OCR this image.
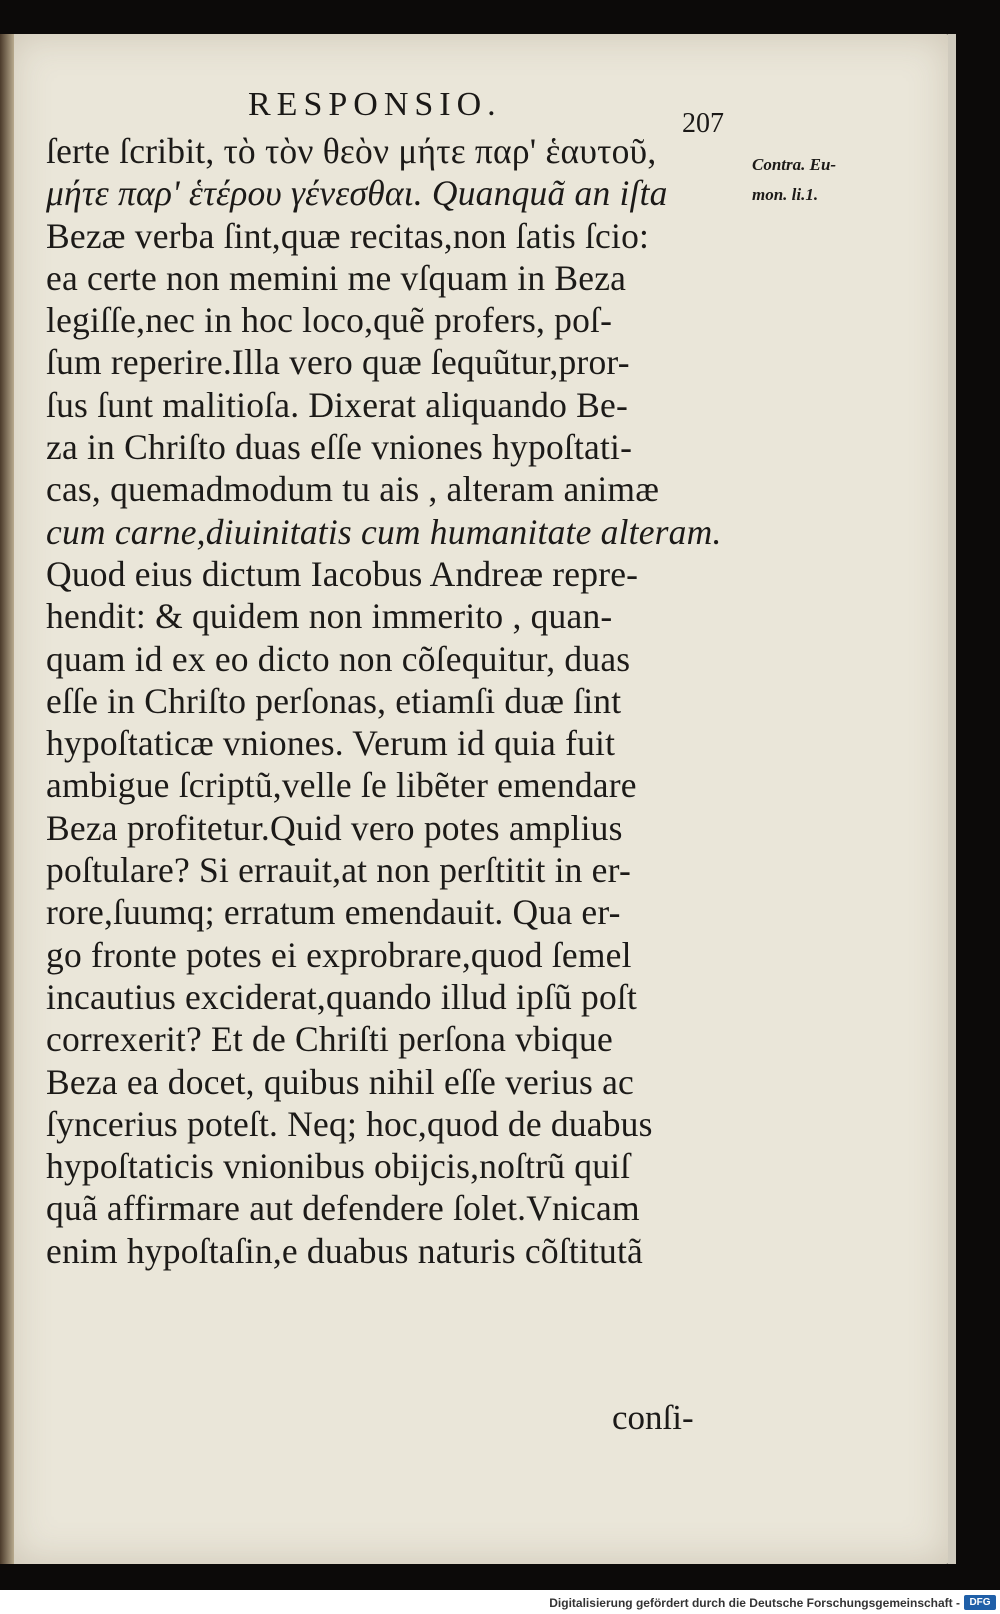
RESPONSIO.
207
Contra. Eu-
mon. li.1.
ſerte ſcribit, τὸ τὸν θεὸν μήτε παρ' ἑαυτοῦ,
μήτε παρ' ἑτέρου γένεσθαι. Quanquã an iſta
Bezæ verba ſint,quæ recitas,non ſatis ſcio:
ea certe non memini me vſquam in Beza
legiſſe,nec in hoc loco,quẽ profers, poſ-
ſum reperire.Illa vero quæ ſequũtur,pror-
ſus ſunt malitioſa. Dixerat aliquando Be-
za in Chriſto duas eſſe vniones hypoſtati-
cas, quemadmodum tu ais , alteram animæ
cum carne,diuinitatis cum humanitate alteram.
Quod eius dictum Iacobus Andreæ repre-
hendit: & quidem non immerito , quan-
quam id ex eo dicto non cõſequitur, duas
eſſe in Chriſto perſonas, etiamſi duæ ſint
hypoſtaticæ vniones. Verum id quia fuit
ambigue ſcriptũ,velle ſe libẽter emendare
Beza profitetur.Quid vero potes amplius
poſtulare? Si errauit,at non perſtitit in er-
rore,ſuumq; erratum emendauit. Qua er-
go fronte potes ei exprobrare,quod ſemel
incautius exciderat,quando illud ipſũ poſt
correxerit? Et de Chriſti perſona vbique
Beza ea docet, quibus nihil eſſe verius ac
ſyncerius poteſt. Neq; hoc,quod de duabus
hypoſtaticis vnionibus obijcis,noſtrũ quiſ
quã affirmare aut defendere ſolet.Vnicam
enim hypoſtaſin,e duabus naturis cõſtitutã
conſi-
Digitalisierung gefördert durch die Deutsche Forschungsgemeinschaft - DFG
